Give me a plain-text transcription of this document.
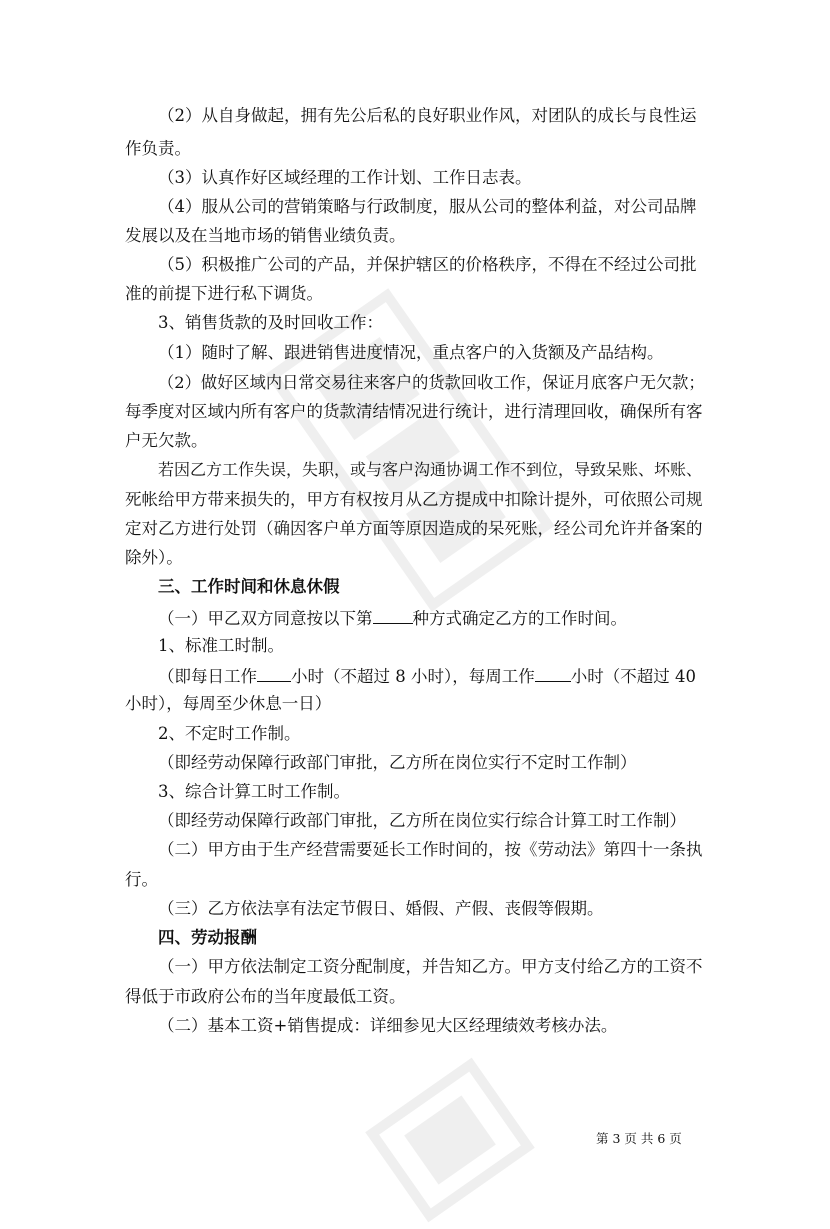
（2）从自身做起，拥有先公后私的良好职业作风，对团队的成长与良性运
作负责。
（3）认真作好区域经理的工作计划、工作日志表。
（4）服从公司的营销策略与行政制度，服从公司的整体利益，对公司品牌
发展以及在当地市场的销售业绩负责。
（5）积极推广公司的产品，并保护辖区的价格秩序，不得在不经过公司批
准的前提下进行私下调货。
3、销售货款的及时回收工作：
（1）随时了解、跟进销售进度情况，重点客户的入货额及产品结构。
（2）做好区域内日常交易往来客户的货款回收工作，保证月底客户无欠款；
每季度对区域内所有客户的货款清结情况进行统计，进行清理回收，确保所有客
户无欠款。
若因乙方工作失误，失职，或与客户沟通协调工作不到位，导致呆账、坏账、
死帐给甲方带来损失的，甲方有权按月从乙方提成中扣除计提外，可依照公司规
定对乙方进行处罚（确因客户单方面等原因造成的呆死账，经公司允许并备案的
除外）。
三、工作时间和休息休假
（一）甲乙双方同意按以下第 种方式确定乙方的工作时间。
1、标准工时制。
（即每日工作 小时（不超过 8 小时），每周工作 小时（不超过 40
小时），每周至少休息一日）
2、不定时工作制。
（即经劳动保障行政部门审批，乙方所在岗位实行不定时工作制）
3、综合计算工时工作制。
（即经劳动保障行政部门审批，乙方所在岗位实行综合计算工时工作制）
（二）甲方由于生产经营需要延长工作时间的，按《劳动法》第四十一条执
行。
（三）乙方依法享有法定节假日、婚假、产假、丧假等假期。
四、劳动报酬
（一）甲方依法制定工资分配制度，并告知乙方。甲方支付给乙方的工资不
得低于市政府公布的当年度最低工资。
（二）基本工资+销售提成：详细参见大区经理绩效考核办法。
第 3 页 共 6 页
